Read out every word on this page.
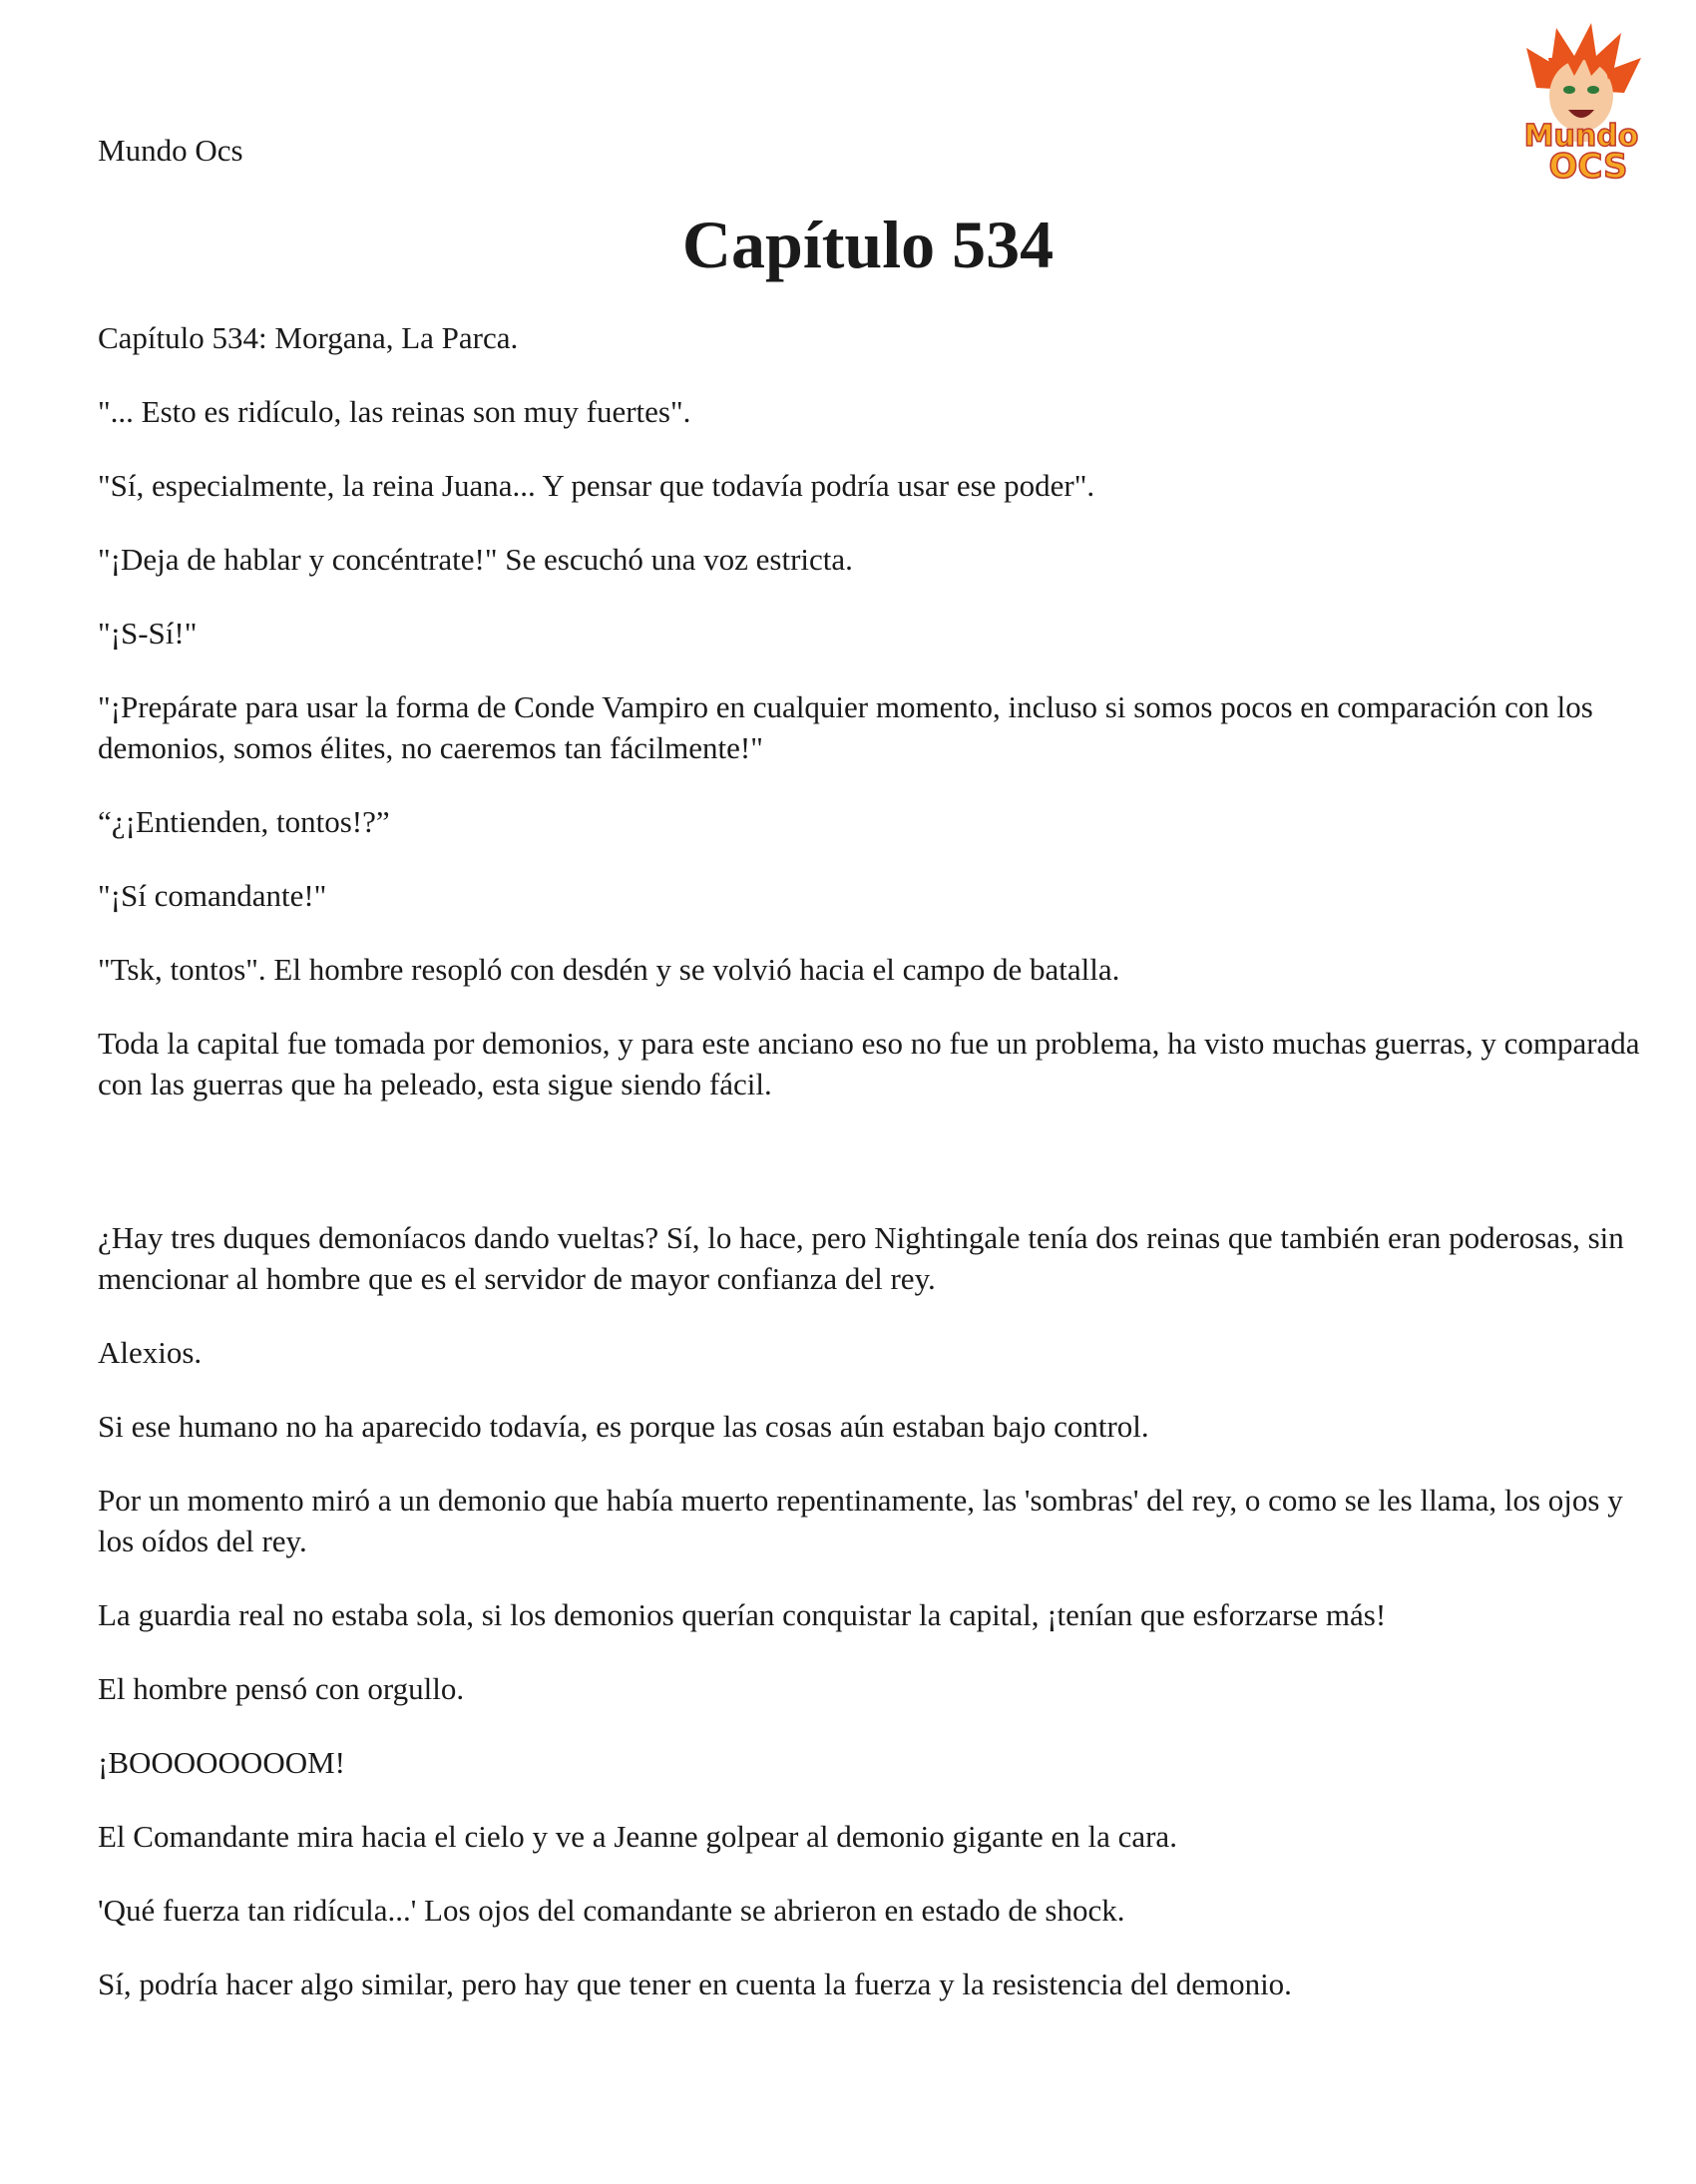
Mundo Ocs	Mundo
OCS
Capítulo 534

Capítulo 534: Morgana, La Parca.

"... Esto es ridículo, las reinas son muy fuertes".

"Sí, especialmente, la reina Juana... Y pensar que todavía podría usar ese poder".

"¡Deja de hablar y concéntrate!" Se escuchó una voz estricta.

"¡S-Sí!"

"¡Prepárate para usar la forma de Conde Vampiro en cualquier momento, incluso si somos pocos en comparación con los demonios, somos élites, no caeremos tan fácilmente!"

“¿¡Entienden, tontos!?”

"¡Sí comandante!"

"Tsk, tontos". El hombre resopló con desdén y se volvió hacia el campo de batalla.

Toda la capital fue tomada por demonios, y para este anciano eso no fue un problema, ha visto muchas guerras, y comparada con las guerras que ha peleado, esta sigue siendo fácil.

¿Hay tres duques demoníacos dando vueltas? Sí, lo hace, pero Nightingale tenía dos reinas que también eran poderosas, sin mencionar al hombre que es el servidor de mayor confianza del rey.

Alexios.

Si ese humano no ha aparecido todavía, es porque las cosas aún estaban bajo control.

Por un momento miró a un demonio que había muerto repentinamente, las 'sombras' del rey, o como se les llama, los ojos y los oídos del rey.

La guardia real no estaba sola, si los demonios querían conquistar la capital, ¡tenían que esforzarse más!

El hombre pensó con orgullo.

¡BOOOOOOOOM!

El Comandante mira hacia el cielo y ve a Jeanne golpear al demonio gigante en la cara.

'Qué fuerza tan ridícula...' Los ojos del comandante se abrieron en estado de shock.

Sí, podría hacer algo similar, pero hay que tener en cuenta la fuerza y la resistencia del demonio.
